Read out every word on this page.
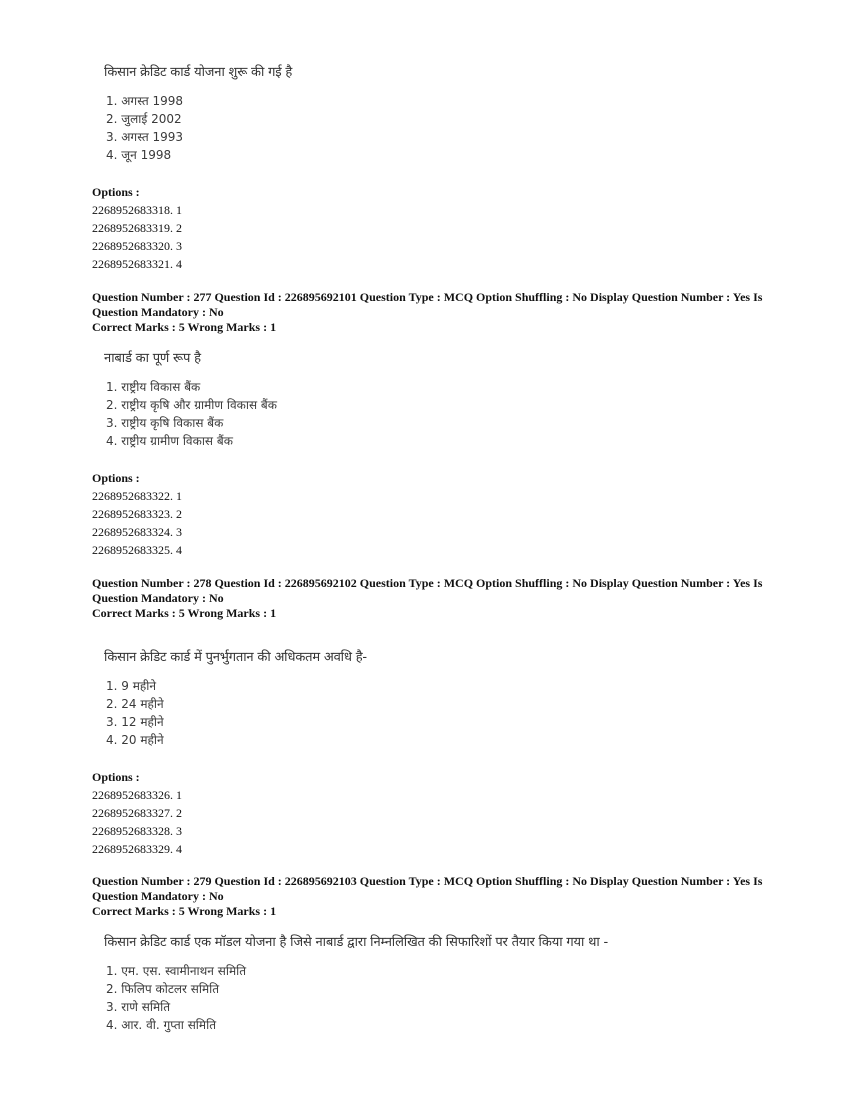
किसान क्रेडिट कार्ड योजना शुरू की गई है
1. अगस्त 1998
2. जुलाई 2002
3. अगस्त 1993
4. जून 1998
Options :
2268952683318. 1
2268952683319. 2
2268952683320. 3
2268952683321. 4
Question Number : 277 Question Id : 226895692101 Question Type : MCQ Option Shuffling : No Display Question Number : Yes Is
Question Mandatory : No
Correct Marks : 5 Wrong Marks : 1
नाबार्ड का पूर्ण रूप है
1. राष्ट्रीय विकास बैंक
2. राष्ट्रीय कृषि और ग्रामीण विकास बैंक
3. राष्ट्रीय कृषि विकास बैंक
4. राष्ट्रीय ग्रामीण विकास बैंक
Options :
2268952683322. 1
2268952683323. 2
2268952683324. 3
2268952683325. 4
Question Number : 278 Question Id : 226895692102 Question Type : MCQ Option Shuffling : No Display Question Number : Yes Is
Question Mandatory : No
Correct Marks : 5 Wrong Marks : 1
किसान क्रेडिट कार्ड में पुनर्भुगतान की अधिकतम अवधि है-
1. 9 महीने
2. 24 महीने
3. 12 महीने
4. 20 महीने
Options :
2268952683326. 1
2268952683327. 2
2268952683328. 3
2268952683329. 4
Question Number : 279 Question Id : 226895692103 Question Type : MCQ Option Shuffling : No Display Question Number : Yes Is
Question Mandatory : No
Correct Marks : 5 Wrong Marks : 1
किसान क्रेडिट कार्ड एक मॉडल योजना है जिसे नाबार्ड द्वारा निम्नलिखित की सिफारिशों पर तैयार किया गया था -
1. एम. एस. स्वामीनाथन समिति
2. फिलिप कोटलर समिति
3. राणे समिति
4. आर. वी. गुप्ता समिति
